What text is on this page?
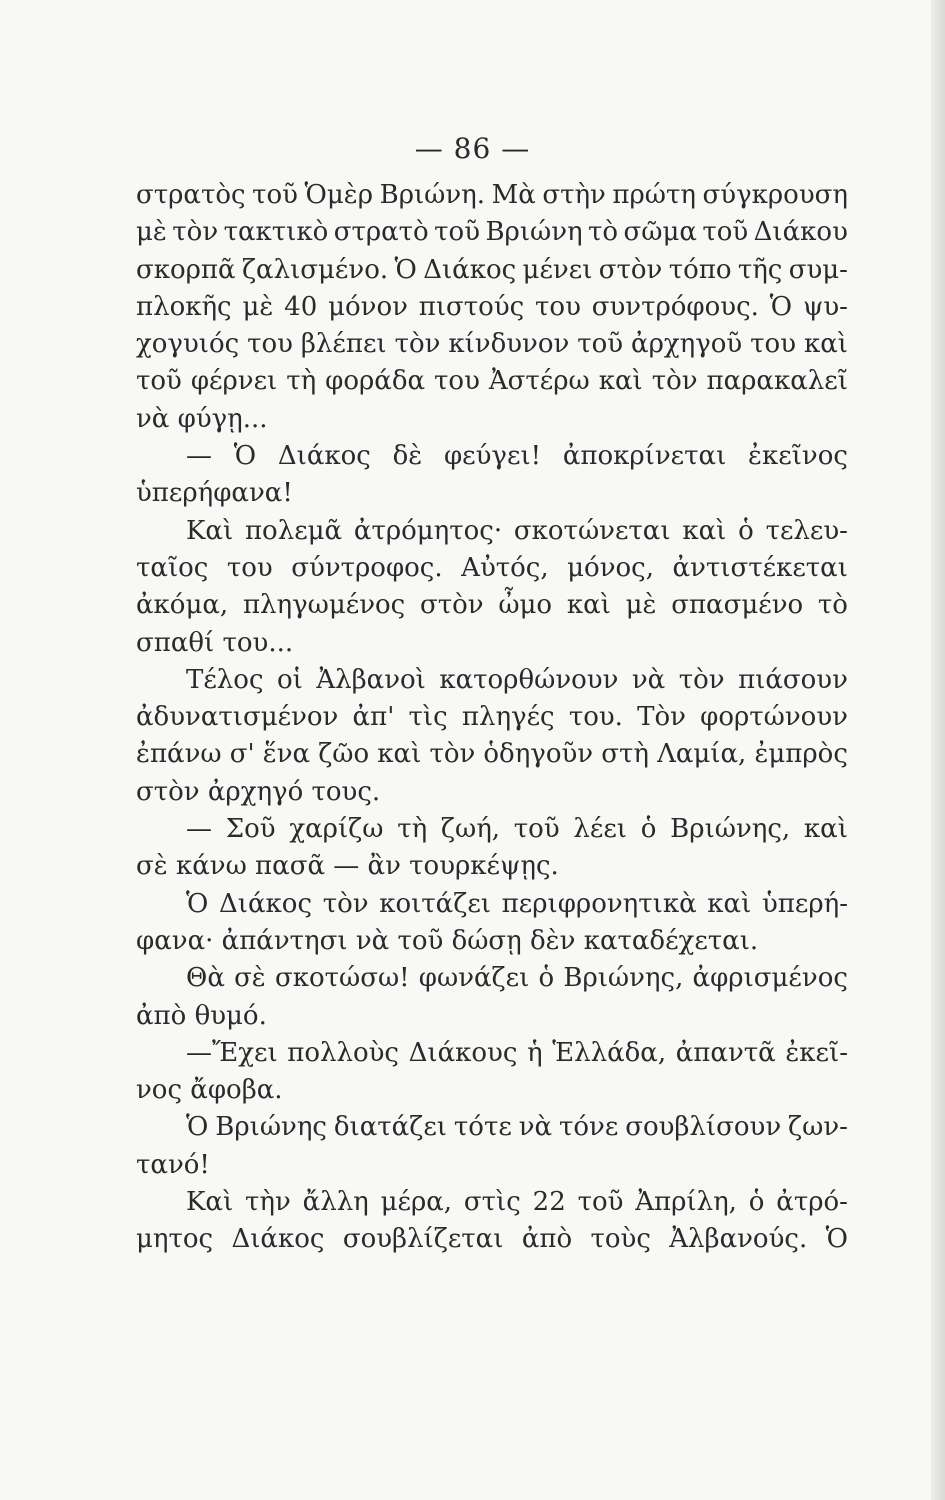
— 86 —
στρατὸς τοῦ Ὁμὲρ Βριώνη. Μὰ στὴν πρώτη σύγκρουση
μὲ τὸν τακτικὸ στρατὸ τοῦ Βριώνη τὸ σῶμα τοῦ Διάκου
σκορπᾶ ζαλισμένο. Ὁ Διάκος μένει στὸν τόπο τῆς συμ-
πλοκῆς μὲ 40 μόνον πιστούς του συντρόφους. Ὁ ψυ-
χογυιός του βλέπει τὸν κίνδυνον τοῦ ἀρχηγοῦ του καὶ
τοῦ φέρνει τὴ φοράδα του Ἀστέρω καὶ τὸν παρακαλεῖ
νὰ φύγῃ...
— Ὁ Διάκος δὲ φεύγει! ἀποκρίνεται ἐκεῖνος
ὑπερήφανα!
Καὶ πολεμᾶ ἀτρόμητος· σκοτώνεται καὶ ὁ τελευ-
ταῖος του σύντροφος. Αὐτός, μόνος, ἀντιστέκεται
ἀκόμα, πληγωμένος στὸν ὦμο καὶ μὲ σπασμένο τὸ
σπαθί του...
Τέλος οἱ Ἀλβανοὶ κατορθώνουν νὰ τὸν πιάσουν
ἀδυνατισμένον ἀπ' τὶς πληγές του. Τὸν φορτώνουν
ἐπάνω σ' ἕνα ζῶο καὶ τὸν ὁδηγοῦν στὴ Λαμία, ἐμπρὸς
στὸν ἀρχηγό τους.
— Σοῦ χαρίζω τὴ ζωή, τοῦ λέει ὁ Βριώνης, καὶ
σὲ κάνω πασᾶ — ἂν τουρκέψῃς.
Ὁ Διάκος τὸν κοιτάζει περιφρονητικὰ καὶ ὑπερή-
φανα· ἀπάντησι νὰ τοῦ δώσῃ δὲν καταδέχεται.
Θὰ σὲ σκοτώσω! φωνάζει ὁ Βριώνης, ἀφρισμένος
ἀπὸ θυμό.
—Ἔχει πολλοὺς Διάκους ἡ Ἑλλάδα, ἀπαντᾶ ἐκεῖ-
νος ἄφοβα.
Ὁ Βριώνης διατάζει τότε νὰ τόνε σουβλίσουν ζων-
τανό!
Καὶ τὴν ἄλλη μέρα, στὶς 22 τοῦ Ἀπρίλη, ὁ ἀτρό-
μητος Διάκος σουβλίζεται ἀπὸ τοὺς Ἀλβανούς. Ὁ
